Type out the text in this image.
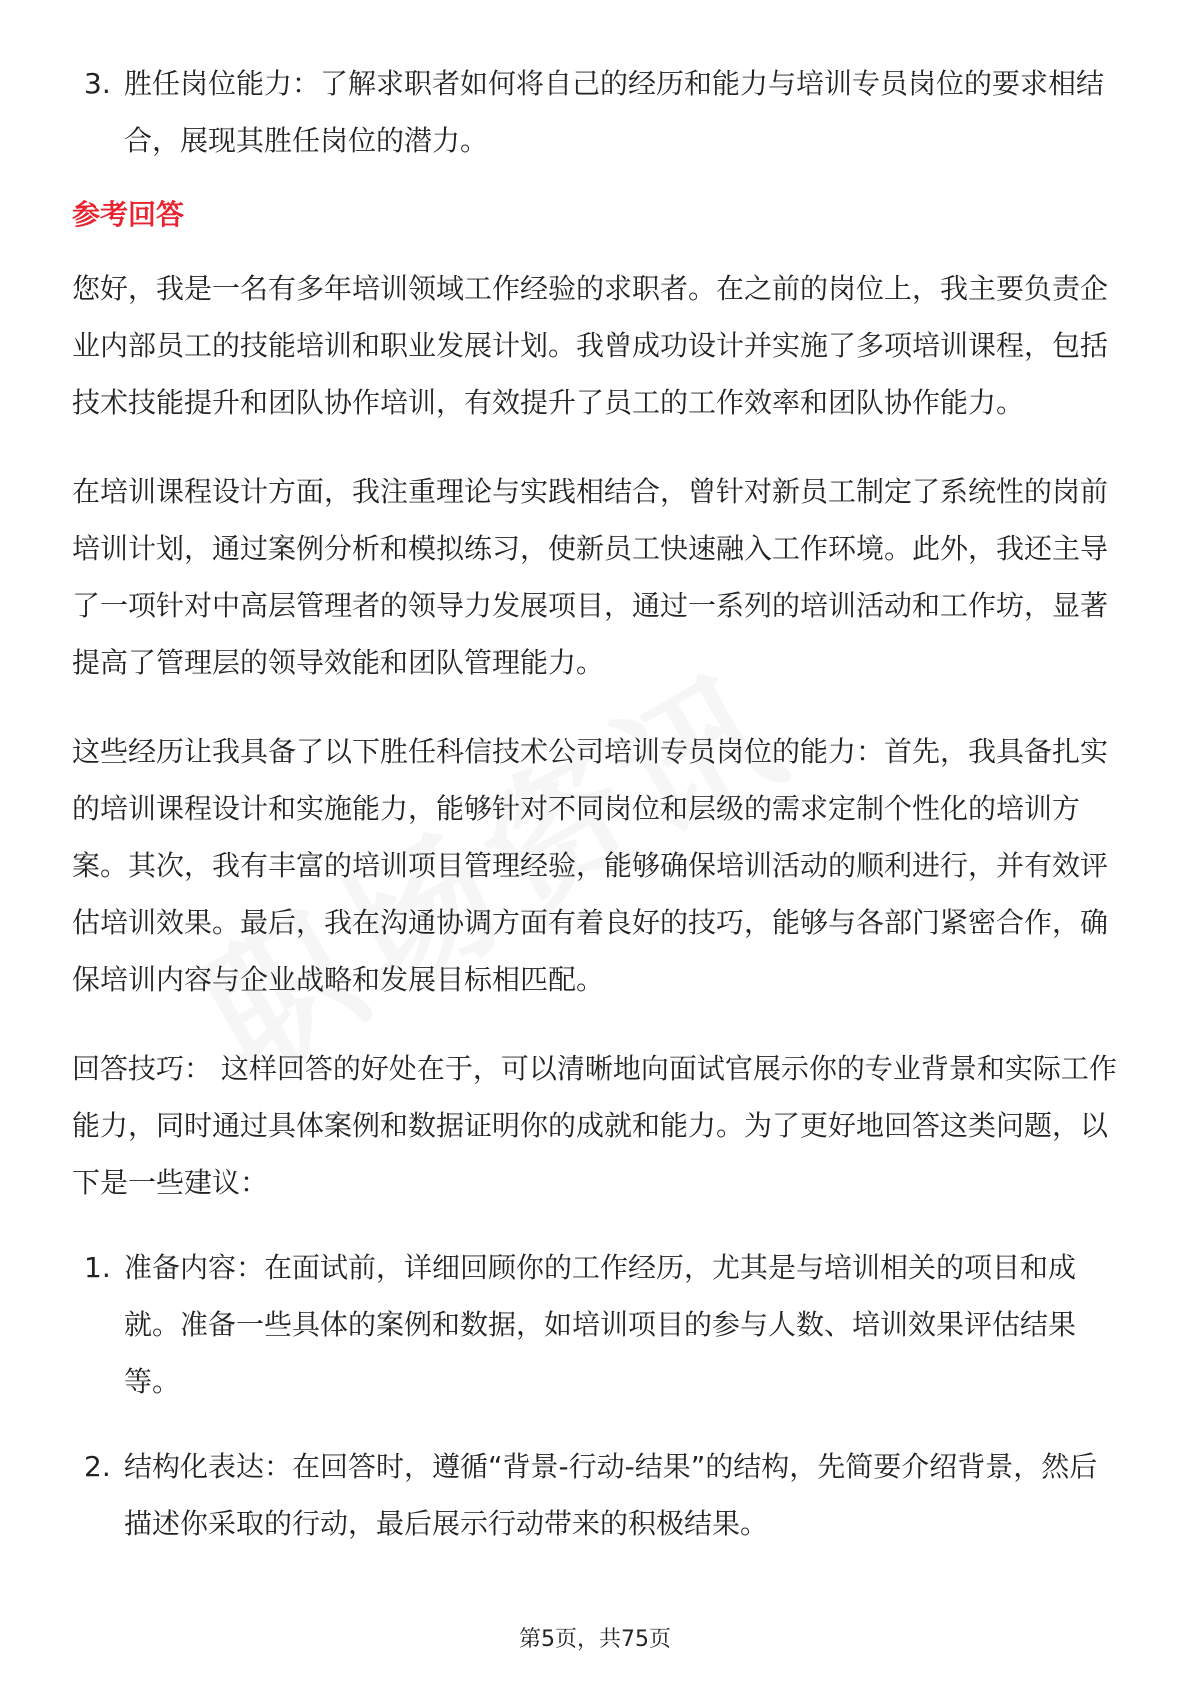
3. 胜任岗位能力：了解求职者如何将自己的经历和能力与培训专员岗位的要求相结合，展现其胜任岗位的潜力。
参考回答
您好，我是一名有多年培训领域工作经验的求职者。在之前的岗位上，我主要负责企业内部员工的技能培训和职业发展计划。我曾成功设计并实施了多项培训课程，包括技术技能提升和团队协作培训，有效提升了员工的工作效率和团队协作能力。
在培训课程设计方面，我注重理论与实践相结合，曾针对新员工制定了系统性的岗前培训计划，通过案例分析和模拟练习，使新员工快速融入工作环境。此外，我还主导了一项针对中高层管理者的领导力发展项目，通过一系列的培训活动和工作坊，显著提高了管理层的领导效能和团队管理能力。
这些经历让我具备了以下胜任科信技术公司培训专员岗位的能力：首先，我具备扎实的培训课程设计和实施能力，能够针对不同岗位和层级的需求定制个性化的培训方案。其次，我有丰富的培训项目管理经验，能够确保培训活动的顺利进行，并有效评估培训效果。最后，我在沟通协调方面有着良好的技巧，能够与各部门紧密合作，确保培训内容与企业战略和发展目标相匹配。
回答技巧： 这样回答的好处在于，可以清晰地向面试官展示你的专业背景和实际工作能力，同时通过具体案例和数据证明你的成就和能力。为了更好地回答这类问题，以下是一些建议：
1. 准备内容：在面试前，详细回顾你的工作经历，尤其是与培训相关的项目和成就。准备一些具体的案例和数据，如培训项目的参与人数、培训效果评估结果等。
2. 结构化表达：在回答时，遵循“背景-行动-结果”的结构，先简要介绍背景，然后描述你采取的行动，最后展示行动带来的积极结果。
第5页，共75页
